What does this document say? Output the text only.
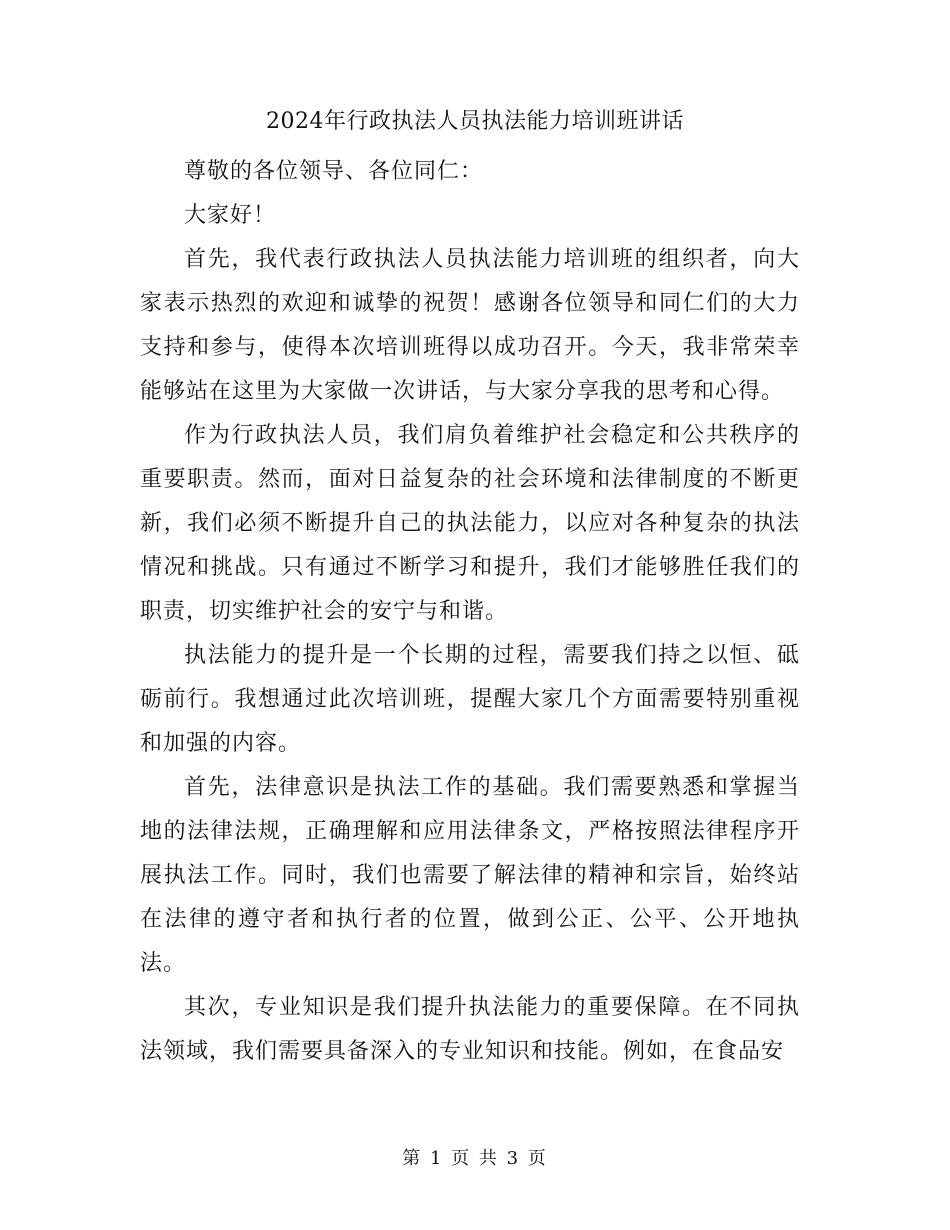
2024年行政执法人员执法能力培训班讲话

尊敬的各位领导、各位同仁：

大家好！

首先，我代表行政执法人员执法能力培训班的组织者，向大家表示热烈的欢迎和诚挚的祝贺！感谢各位领导和同仁们的大力支持和参与，使得本次培训班得以成功召开。今天，我非常荣幸能够站在这里为大家做一次讲话，与大家分享我的思考和心得。

作为行政执法人员，我们肩负着维护社会稳定和公共秩序的重要职责。然而，面对日益复杂的社会环境和法律制度的不断更新，我们必须不断提升自己的执法能力，以应对各种复杂的执法情况和挑战。只有通过不断学习和提升，我们才能够胜任我们的职责，切实维护社会的安宁与和谐。

执法能力的提升是一个长期的过程，需要我们持之以恒、砥砺前行。我想通过此次培训班，提醒大家几个方面需要特别重视和加强的内容。

首先，法律意识是执法工作的基础。我们需要熟悉和掌握当地的法律法规，正确理解和应用法律条文，严格按照法律程序开展执法工作。同时，我们也需要了解法律的精神和宗旨，始终站在法律的遵守者和执行者的位置，做到公正、公平、公开地执法。

其次，专业知识是我们提升执法能力的重要保障。在不同执法领域，我们需要具备深入的专业知识和技能。例如，在食品安

第 1 页 共 3 页
